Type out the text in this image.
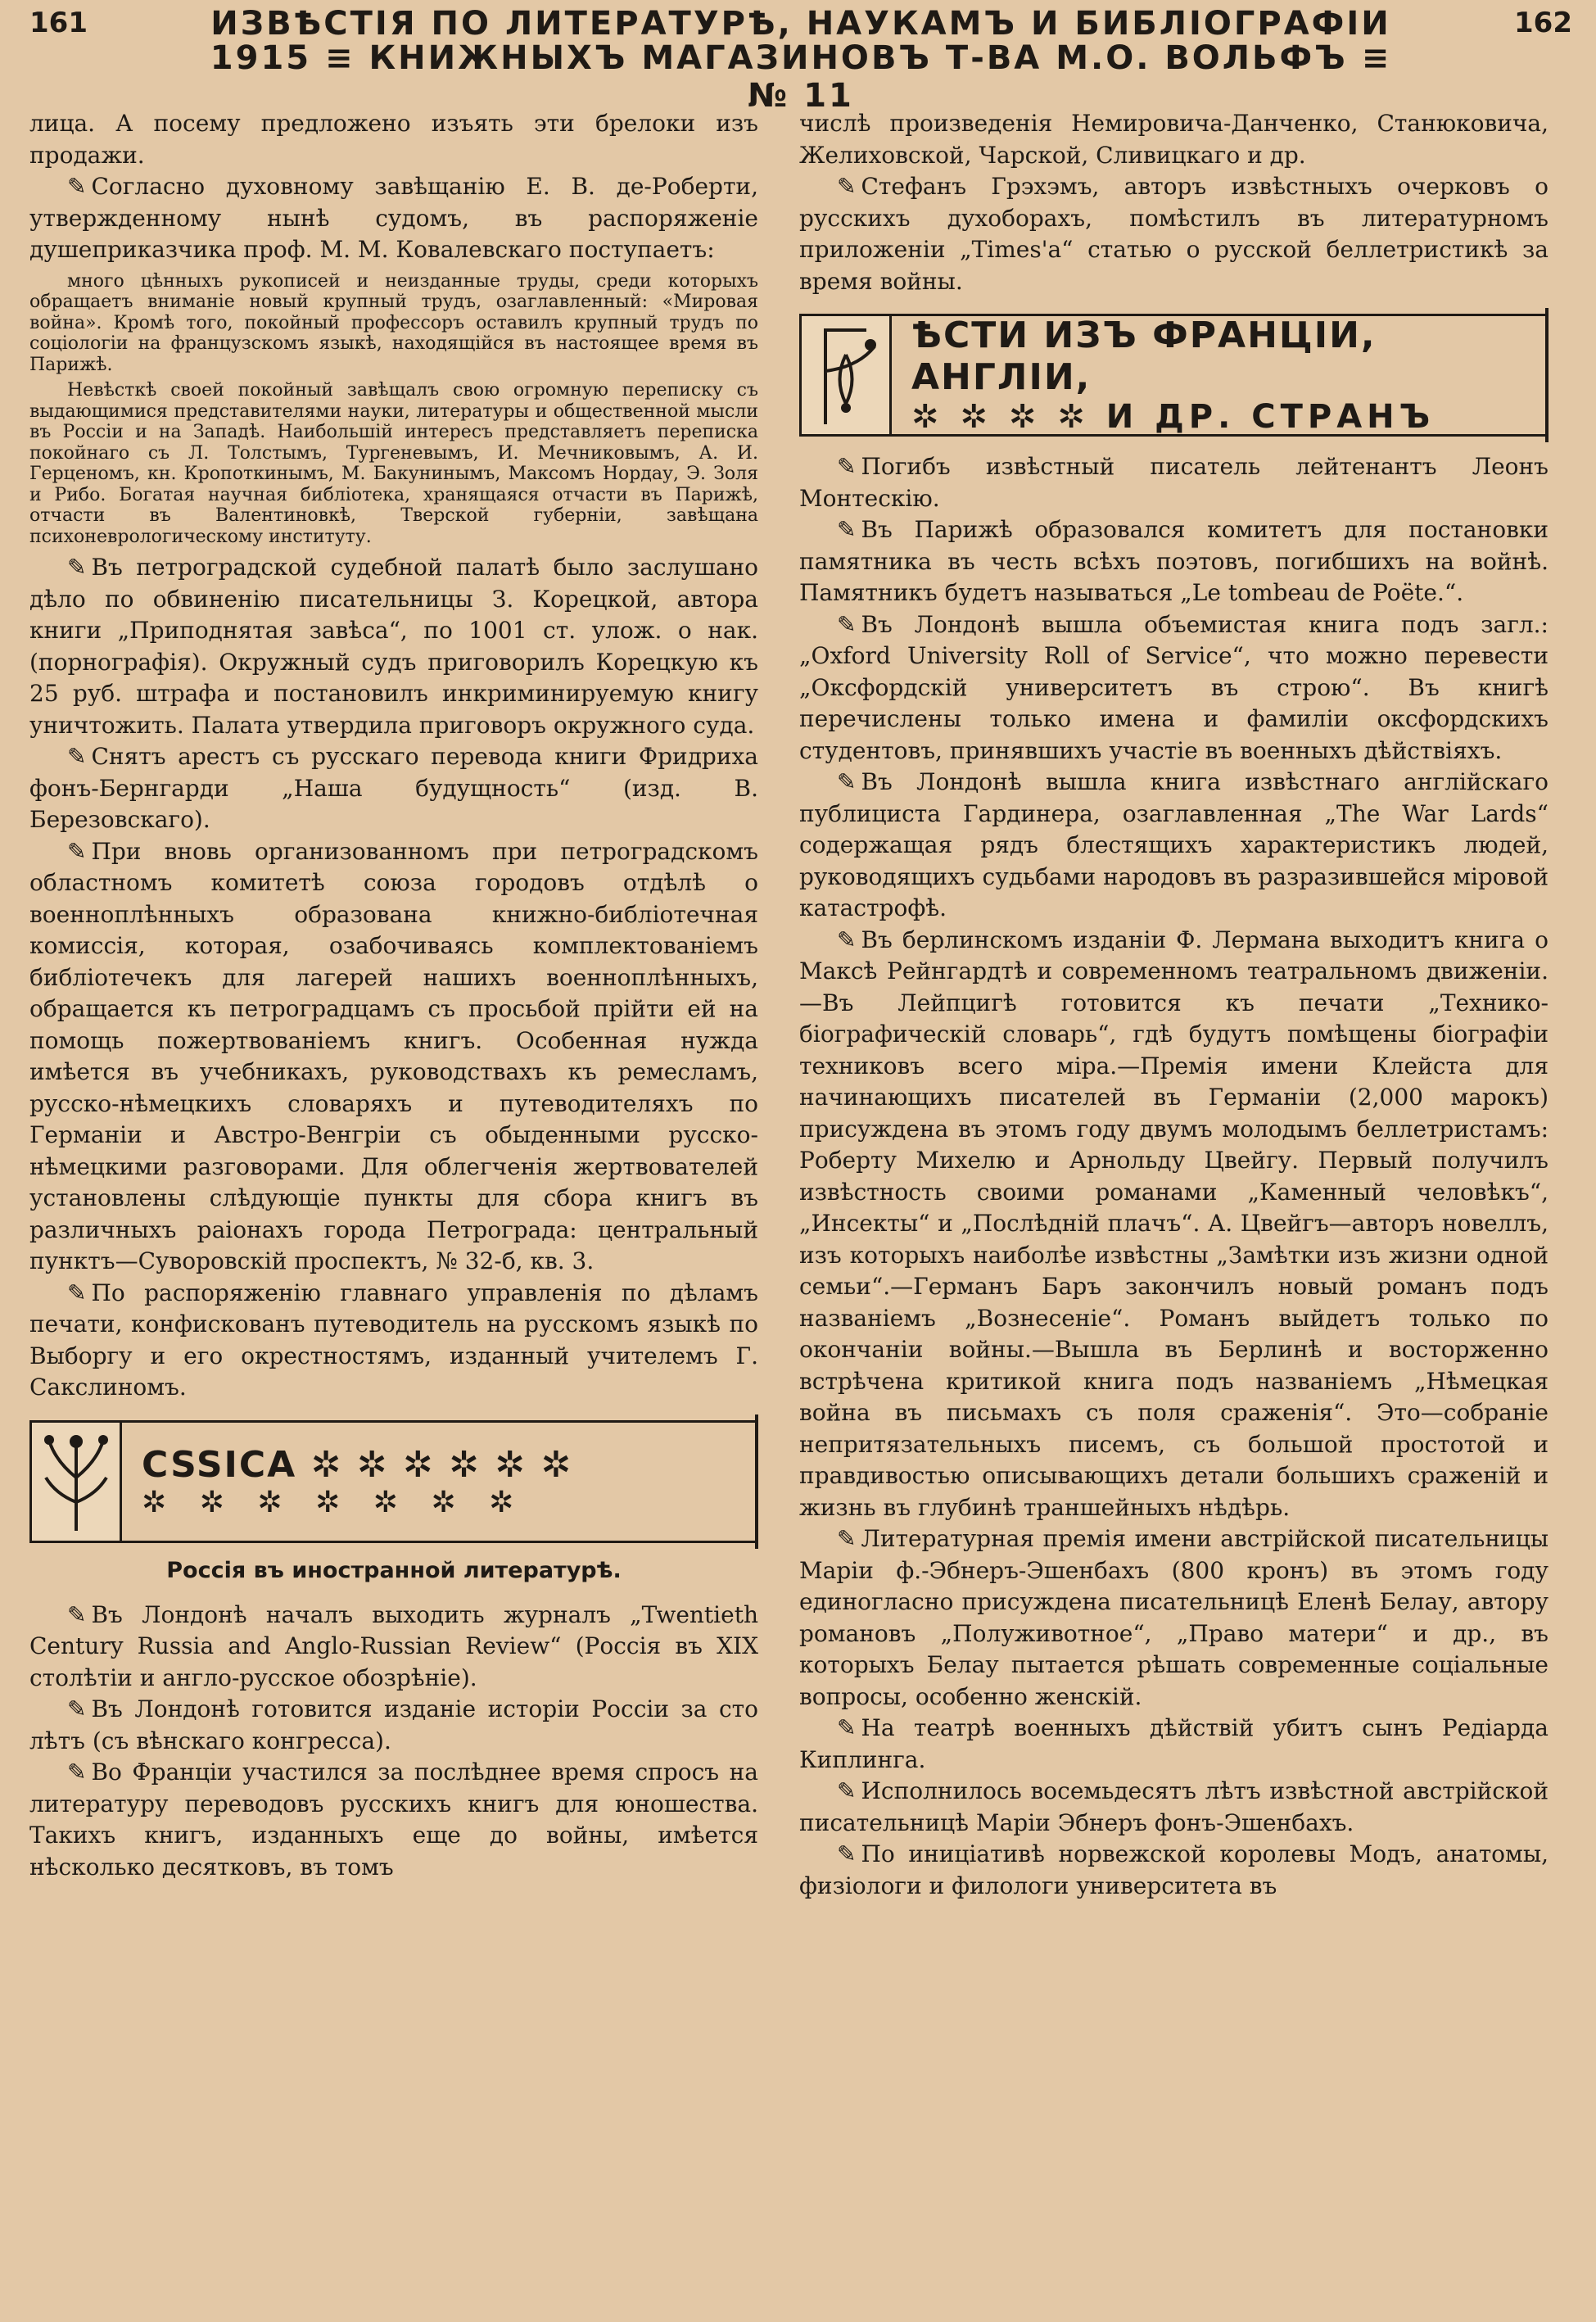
161	ИЗВѢСТІЯ ПО ЛИТЕРАТУРѢ, НАУКАМЪ И БИБЛІОГРАФІИ
1915 ≡ КНИЖНЫХЪ МАГАЗИНОВЪ Т-ВА М.О. ВОЛЬФЪ ≡ № 11
162

лица. А посему предложено изъять эти брелоки изъ продажи.

✎ Согласно духовному завѣщанію Е. В. де-Роберти, утвержденному нынѣ судомъ, въ распоряженіе душеприказчика проф. М. М. Ковалевскаго поступаетъ:

много цѣнныхъ рукописей и неизданные труды, среди которыхъ обращаетъ вниманіе новый крупный трудъ, озаглавленный: «Мировая война». Кромѣ того, покойный профессоръ оставилъ крупный трудъ по соціологіи на французскомъ языкѣ, находящійся въ настоящее время въ Парижѣ.

Невѣсткѣ своей покойный завѣщалъ свою огромную переписку съ выдающимися представителями науки, литературы и общественной мысли въ Россіи и на Западѣ. Наибольшій интересъ представляетъ переписка покойнаго съ Л. Толстымъ, Тургеневымъ, И. Мечниковымъ, А. И. Герценомъ, кн. Кропоткинымъ, М. Бакунинымъ, Максомъ Нордау, Э. Золя и Рибо. Богатая научная библіотека, хранящаяся отчасти въ Парижѣ, отчасти въ Валентиновкѣ, Тверской губерніи, завѣщана психоневрологическому институту.

✎ Въ петроградской судебной палатѣ было заслушано дѣло по обвиненію писательницы З. Корецкой, автора книги „Приподнятая завѣса“, по 1001 ст. улож. о нак. (порнографія). Окружный судъ приговорилъ Корецкую къ 25 руб. штрафа и постановилъ инкриминируемую книгу уничтожить. Палата утвердила приговоръ окружного суда.

✎ Снятъ арестъ съ русскаго перевода книги Фридриха фонъ-Бернгарди „Наша будущность“ (изд. В. Березовскаго).

✎ При вновь организованномъ при петроградскомъ областномъ комитетѣ союза городовъ отдѣлѣ о военноплѣнныхъ образована книжно-библіотечная комиссія, которая, озабочиваясь комплектованіемъ библіотечекъ для лагерей нашихъ военноплѣнныхъ, обращается къ петроградцамъ съ просьбой прійти ей на помощь пожертвованіемъ книгъ. Особенная нужда имѣется въ учебникахъ, руководствахъ къ ремесламъ, русско-нѣмецкихъ словаряхъ и путеводителяхъ по Германіи и Австро-Венгріи съ обыденными русско-нѣмецкими разговорами. Для облегченія жертвователей установлены слѣдующіе пункты для сбора книгъ въ различныхъ раіонахъ города Петрограда: центральный пунктъ—Суворовскій проспектъ, № 32-б, кв. 3.

✎ По распоряженію главнаго управленія по дѣламъ печати, конфискованъ путеводитель на русскомъ языкѣ по Выборгу и его окрестностямъ, изданный учителемъ Г. Сакслиномъ.

CSSICA ✲ ✲ ✲ ✲ ✲ ✲
✲ ✲ ✲ ✲ ✲ ✲ ✲
Россія въ иностранной литературѣ.

✎ Въ Лондонѣ началъ выходить журналъ „Twentieth Century Russia and Anglo-Russian Review“ (Россія въ XIX столѣтіи и англо-русское обозрѣніе).

✎ Въ Лондонѣ готовится изданіе исторіи Россіи за сто лѣтъ (съ вѣнскаго конгресса).

✎ Во Франціи участился за послѣднее время спросъ на литературу переводовъ русскихъ книгъ для юношества. Такихъ книгъ, изданныхъ еще до войны, имѣется нѣсколько десятковъ, въ томъ

числѣ произведенія Немировича-Данченко, Станюковича, Желиховской, Чарской, Сливицкаго и др.

✎ Стефанъ Грэхэмъ, авторъ извѣстныхъ очерковъ о русскихъ духоборахъ, помѣстилъ въ литературномъ приложеніи „Times'a“ статью о русской беллетристикѣ за время войны.

ѢСТИ ИЗЪ ФРАНЦІИ, АНГЛІИ,
✲ ✲ ✲ ✲ И ДР. СТРАНЪ

✎ Погибъ извѣстный писатель лейтенантъ Леонъ Монтескію.

✎ Въ Парижѣ образовался комитетъ для постановки памятника въ честь всѣхъ поэтовъ, погибшихъ на войнѣ. Памятникъ будетъ называться „Le tombeau de Poëte.“.

✎ Въ Лондонѣ вышла объемистая книга подъ загл.: „Oxford University Roll of Service“, что можно перевести „Оксфордскій университетъ въ строю“. Въ книгѣ перечислены только имена и фамиліи оксфордскихъ студентовъ, принявшихъ участіе въ военныхъ дѣйствіяхъ.

✎ Въ Лондонѣ вышла книга извѣстнаго англійскаго публициста Гардинера, озаглавленная „The War Lards“ содержащая рядъ блестящихъ характеристикъ людей, руководящихъ судьбами народовъ въ разразившейся міровой катастрофѣ.

✎ Въ берлинскомъ изданіи Ф. Лермана выходитъ книга о Максѣ Рейнгардтѣ и современномъ театральномъ движеніи.—Въ Лейпцигѣ готовится къ печати „Технико-біографическій словарь“, гдѣ будутъ помѣщены біографіи техниковъ всего міра.—Премія имени Клейста для начинающихъ писателей въ Германіи (2,000 марокъ) присуждена въ этомъ году двумъ молодымъ беллетристамъ: Роберту Михелю и Арнольду Цвейгу. Первый получилъ извѣстность своими романами „Каменный человѣкъ“, „Инсекты“ и „Послѣдній плачъ“. А. Цвейгъ—авторъ новеллъ, изъ которыхъ наиболѣе извѣстны „Замѣтки изъ жизни одной семьи“.—Германъ Баръ закончилъ новый романъ подъ названіемъ „Вознесеніе“. Романъ выйдетъ только по окончаніи войны.—Вышла въ Берлинѣ и восторженно встрѣчена критикой книга подъ названіемъ „Нѣмецкая война въ письмахъ съ поля сраженія“. Это—собраніе непритязательныхъ писемъ, съ большой простотой и правдивостью описывающихъ детали большихъ сраженій и жизнь въ глубинѣ траншейныхъ нѣдѣрь.

✎ Литературная премія имени австрійской писательницы Маріи ф.-Эбнеръ-Эшенбахъ (800 кронъ) въ этомъ году единогласно присуждена писательницѣ Еленѣ Белау, автору романовъ „Полуживотное“, „Право матери“ и др., въ которыхъ Белау пытается рѣшать современные соціальные вопросы, особенно женскій.

✎ На театрѣ военныхъ дѣйствій убитъ сынъ Редіарда Киплинга.

✎ Исполнилось восемьдесятъ лѣтъ извѣстной австрійской писательницѣ Маріи Эбнеръ фонъ-Эшенбахъ.

✎ По иниціативѣ норвежской королевы Модъ, анатомы, физіологи и филологи университета въ
